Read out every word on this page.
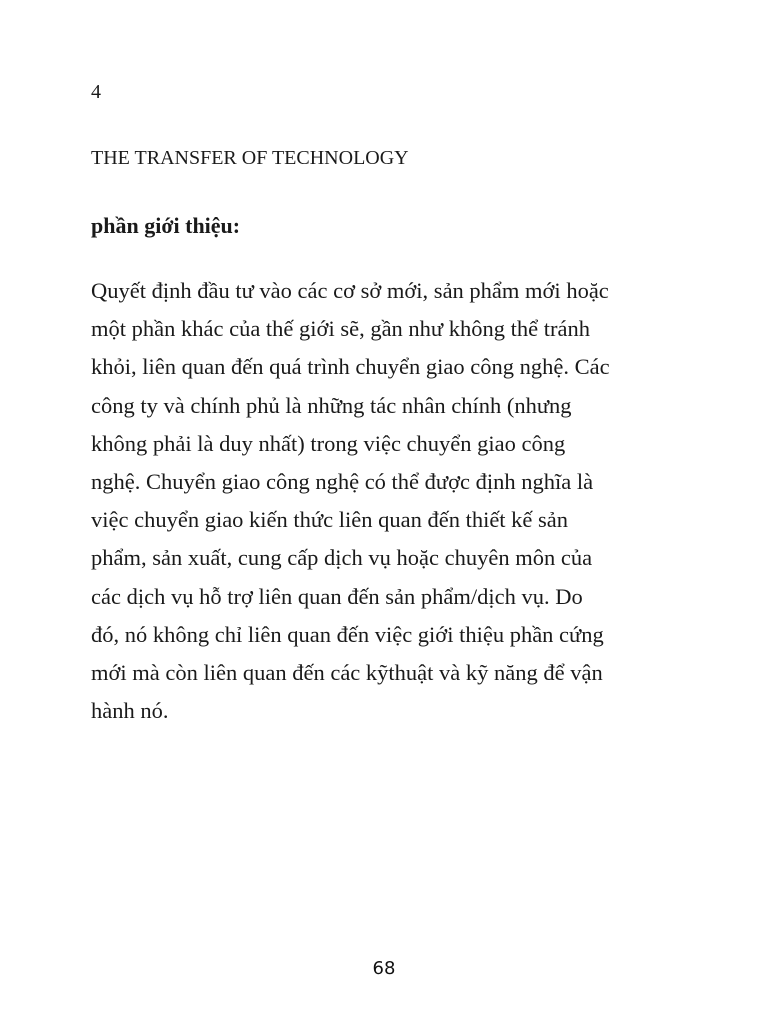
4

THE TRANSFER OF TECHNOLOGY
phần giới thiệu:

Quyết định đầu tư vào các cơ sở mới, sản phẩm mới hoặc
một phần khác của thế giới sẽ, gần như không thể tránh
khỏi, liên quan đến quá trình chuyển giao công nghệ. Các
công ty và chính phủ là những tác nhân chính (nhưng
không phải là duy nhất) trong việc chuyển giao công
nghệ. Chuyển giao công nghệ có thể được định nghĩa là
việc chuyển giao kiến thức liên quan đến thiết kế sản
phẩm, sản xuất, cung cấp dịch vụ hoặc chuyên môn của
các dịch vụ hỗ trợ liên quan đến sản phẩm/dịch vụ. Do
đó, nó không chỉ liên quan đến việc giới thiệu phần cứng
mới mà còn liên quan đến các kỹthuật và kỹ năng để vận
hành nó.

68
